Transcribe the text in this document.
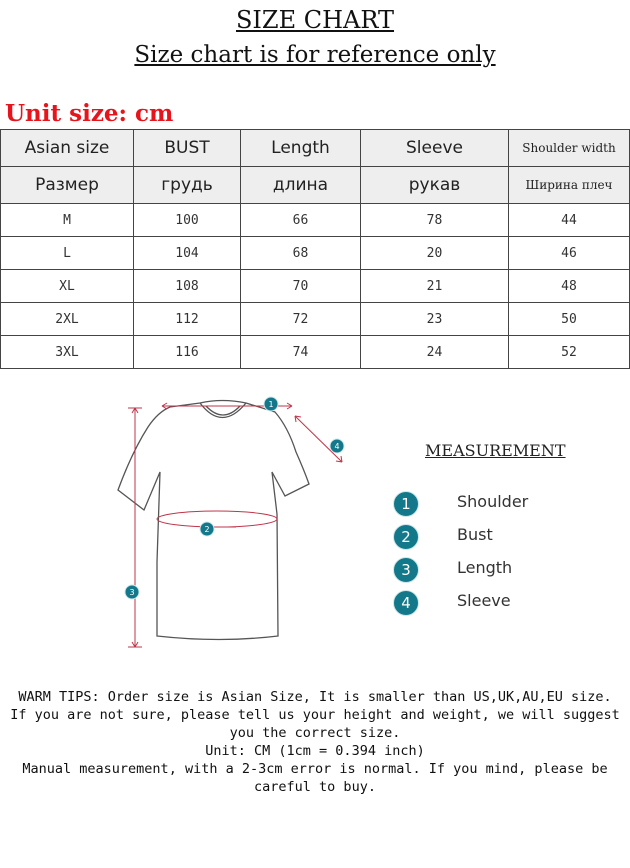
SIZE CHART
Size chart is for reference only
Unit size: cm
Asian size	BUST	Length	Sleeve	Shoulder width
Размер	грудь	длина	рукав	Ширина плеч
M	100	66	78	44
L	104	68	20	46
XL	108	70	21	48
2XL	112	72	23	50
3XL	116	74	24	52
1
2
3
4	MEASUREMENT
1	Shoulder
2	Bust
3	Length
4	Sleeve
WARM TIPS: Order size is Asian Size, It is smaller than US,UK,AU,EU size.
If you are not sure, please tell us your height and weight, we will suggest
you the correct size.
Unit: CM (1cm = 0.394 inch)
Manual measurement, with a 2-3cm error is normal. If you mind, please be
careful to buy.
